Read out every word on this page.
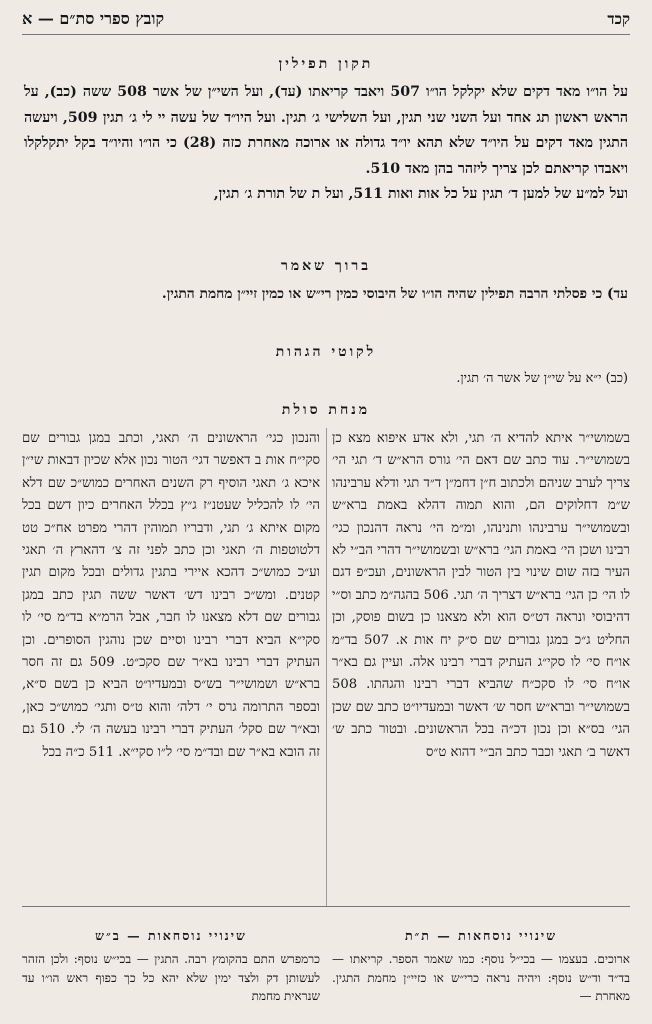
קכד
קובץ ספרי סת״ם — א
תקון תפילין

על הו״ו מאד דקים שלא יקלקל הו״ו 507 ויאבד קריאתו (עד), ועל השי״ן של אשר 508 ששה (כב), על הראש ראשון תג אחד ועל השני שני תגין, ועל השלישי ג׳ תגין. ועל היו״ד של עשה יי לי ג׳ תגין 509, ויעשה התגין מאד דקים על היו״ד שלא תהא יו״ד גדולה או ארוכה מאחרת כזה (28) כי הו״ו והיו״ד בקל יתקלקלו ויאבדו קריאתם לכן צריך ליזהר בהן מאד 510.

ועל למ״ע של למען ד׳ תגין על כל אות ואות 511, ועל ת של תורת ג׳ תגין,

ברוך שאמר

עד) כי פסלתי הרבה תפילין שהיה הו״ו של היבוסי כמין רי״ש או כמין זיי״ן מחמת התגין.

לקוטי הגהות

(כב) י״א על שי״ן של אשר ה׳ תגין.

מנחת סולת

בשמושי״ר איתא להדיא ה׳ תגי, ולא אדע איפוא מצא כן בשמושי״ר. עוד כתב שם דאם הי׳ גורס הרא״ש ד׳ תגי הי׳ צריך לערב שניהם ולכתוב ח״ן דחמ״ן ד״ד תגי ודלא ערבינהו ש״מ דחלוקים הם, והוא תמוה דהלא באמת ברא״ש ובשמושי״ר ערבינהו ותנינהו, ומ״מ הי׳ נראה דהנכון כגי׳ רבינו ושכן הי׳ באמת הגי׳ ברא״ש ובשמושי״ר דהרי הב״י לא העיר בזה שום שינוי בין הטור לבין הראשונים, ועכ״פ דגם לו הי׳ כן הגי׳ ברא״ש דצריך ה׳ תגי. 506 בהגה״מ כתב וס״י דהיבוסי ונראה דט״ס הוא ולא מצאנו כן בשום פוסק, וכן החליט ג״כ במגן גבורים שם ס״ק יח אות א. 507 בד״מ או״ח סי׳ לו סקי״ג העתיק דברי רבינו אלה. ועיין גם בא״ר או״ח סי׳ לו סקכ״ח שהביא דברי רבינו והגהתו. 508 בשמושי״ר וברא״ש חסר ש׳ דאשר ובמעדיו״ט כתב שם שכן הגי׳ בס״א וכן נכון דכ״ה בכל הראשונים. ובטור כתב ש׳ דאשר ב׳ תאגי וכבר כתב הב״י דהוא ט״ס

והנכון כגי׳ הראשונים ה׳ תאגי, וכתב במגן גבורים שם סקי״ח אות ב דאפשר דגי׳ הטור נכון אלא שכיון דבאות שי״ן איכא ג׳ תאגי הוסיף רק השנים האחרים כמוש״כ שם דלא הי׳ לו להכליל שעטנ״ז ג״ץ בכלל האחרים כיון דשם בכל מקום איתא ג׳ תגי, ודבריו תמוהין דהרי מפרט אח״כ טט דלטוטפות ה׳ תאגי וכן כתב לפני זה צ׳ דהארץ ה׳ תאגי וע״כ כמוש״כ דהכא איירי בתגין גדולים ובכל מקום תגין קטנים. ומש״כ רבינו דש׳ דאשר ששה תגין כתב במגן גבורים שם דלא מצאנו לו חבר, אבל הרמ״א בד״מ סי׳ לו סקי״א הביא דברי רבינו וסיים שכן נוהגין הסופרים. וכן העתיק דברי רבינו בא״ר שם סקכ״ט. 509 גם זה חסר ברא״ש ושמושי״ר בש״ס ובמעדיו״ט הביא כן בשם ס״א, ובספר התרומה גרס י׳ דלה׳ והוא ט״ס ותגי׳ כמוש״כ כאן, ובא״ר שם סקל׳ העתיק דברי רבינו בעשה ה׳ לי. 510 גם זה הובא בא״ר שם ובד״מ סי׳ ל״ו סקי״א. 511 כ״ה בכל

שינויי נוסחאות — ת״ת
שינויי נוסחאות — ב״ש

ארוכים. בעצמו — בכי״ל נוסף: כמו שאמר הספר. קריאתו — בד״ד וד״ש נוסף: ויהיה נראה כרי״ש או כזיי״ן מחמת התגין. מאחרת —

כרמפרש התם בהקומץ רבה. התגין — בכי״ש נוסף: ולכן הזהר לעשותן דק ולצד ימין שלא יהא כל כך כפוף ראש הו״ו עד שנראית מחמת
